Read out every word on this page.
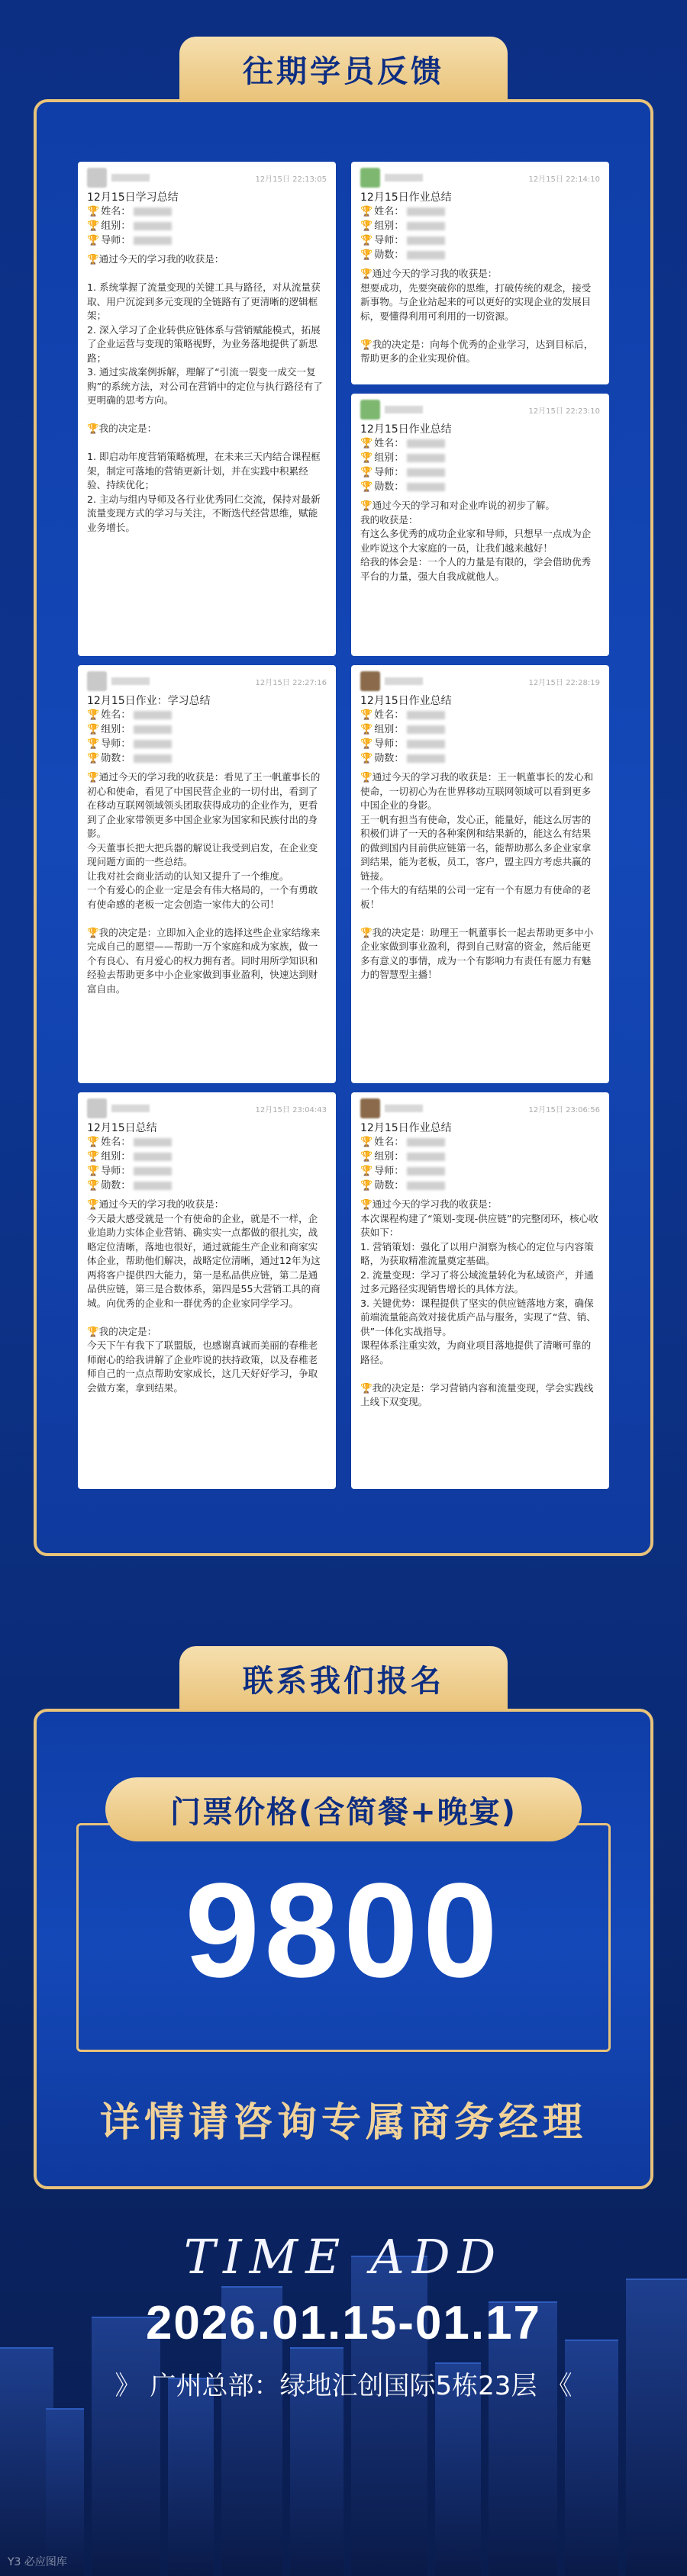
往期学员反馈
12月15日 22:13:05
12月15日学习总结
🏆 姓名：
🏆 组别：
🏆 导师：
🏆通过今天的学习我的收获是：

1. 系统掌握了流量变现的关键工具与路径，对从流量获取、用户沉淀到多元变现的全链路有了更清晰的逻辑框架；
2. 深入学习了企业转供应链体系与营销赋能模式，拓展了企业运营与变现的策略视野，为业务落地提供了新思路；
3. 通过实战案例拆解，理解了“引流一裂变一成交一复购”的系统方法，对公司在营销中的定位与执行路径有了更明确的思考方向。

🏆我的决定是：

1. 即启动年度营销策略梳理，在未来三天内结合课程框架，制定可落地的营销更新计划，并在实践中积累经验、持续优化；
2. 主动与组内导师及各行业优秀同仁交流，保持对最新流量变现方式的学习与关注，不断迭代经营思维，赋能业务增长。
12月15日 22:14:10
12月15日作业总结
🏆 姓名：
🏆 组别：
🏆 导师：
🏆 勋数：
🏆通过今天的学习我的收获是：
想要成功，先要突破你的思维，打破传统的观念，接受新事物。与企业站起来的可以更好的实现企业的发展目标，要懂得利用可利用的一切资源。

🏆我的决定是：向每个优秀的企业学习，达到目标后，帮助更多的企业实现价值。
12月15日 22:23:10
12月15日作业总结
🏆 姓名：
🏆 组别：
🏆 导师：
🏆 勋数：
🏆通过今天的学习和对企业咋说的初步了解。
我的收获是：
有这么多优秀的成功企业家和导师，只想早一点成为企业咋说这个大家庭的一员，让我们越来越好！
给我的体会是：一个人的力量是有限的，学会借助优秀平台的力量，强大自我成就他人。
12月15日 22:27:16
12月15日作业：学习总结
🏆 姓名：
🏆 组别：
🏆 导师：
🏆 勋数：
🏆通过今天的学习我的收获是：看见了王一帆董事长的初心和使命，看见了中国民营企业的一切付出，看到了在移动互联网领域领头团取获得成功的企业作为，更看到了企业家带领更多中国企业家为国家和民族付出的身影。
今天董事长把大把兵器的解说让我受到启发，在企业变现问题方面的一些总结。
让我对社会商业活动的认知又提升了一个维度。
一个有爱心的企业一定是会有伟大格局的，一个有勇敢有使命感的老板一定会创造一家伟大的公司！

🏆我的决定是：立即加入企业的选择这些企业家结缘来完成自己的愿望——帮助一万个家庭和成为家族，做一个有良心、有月爱心的权力拥有者。同时用所学知识和经验去帮助更多中小企业家做到事业盈利，快速达到财富自由。
12月15日 22:28:19
12月15日作业总结
🏆 姓名：
🏆 组别：
🏆 导师：
🏆 勋数：
🏆通过今天的学习我的收获是：王一帆董事长的发心和使命，一切初心为在世界移动互联网领域可以看到更多中国企业的身影。
王一帆有担当有使命，发心正，能量好，能这么厉害的积极们讲了一天的各种案例和结果新的，能这么有结果的做到国内目前供应链第一名，能帮助那么多企业家拿到结果，能为老板，员工，客户，盟主四方考虑共赢的链接。
一个伟大的有结果的公司一定有一个有愿力有使命的老板！

🏆我的决定是：助理王一帆董事长一起去帮助更多中小企业家做到事业盈利，得到自己财富的资金，然后能更多有意义的事情，成为一个有影响力有责任有愿力有魅力的智慧型主播！
12月15日 23:04:43
12月15日总结
🏆 姓名：
🏆 组别：
🏆 导师：
🏆 勋数：
🏆通过今天的学习我的收获是：
今天最大感受就是一个有使命的企业，就是不一样，企业追助力实体企业营销、确实实一点都做的很扎实，战略定位清晰，落地也很好，通过就能生产企业和商家实体企业，帮助他们解决，战略定位清晰，通过12年为这两将客户提供四大能力，第一是私品供应链，第二是通品供应链，第三是合数体系，第四是55大营销工具的商城。向优秀的企业和一群优秀的企业家同学学习。

🏆我的决定是：
今天下午有我下了联盟版，也感谢真诚而美丽的春稚老师耐心的给我讲解了企业咋说的扶持政策，以及春稚老师自己的一点点帮助安家成长，这几天好好学习，争取会做方案，拿到结果。
12月15日 23:06:56
12月15日作业总结
🏆 姓名：
🏆 组别：
🏆 导师：
🏆 勋数：
🏆通过今天的学习我的收获是：
本次课程构建了“策划-变现-供应链”的完整闭环，核心收获如下：
1. 营销策划：强化了以用户洞察为核心的定位与内容策略，为获取精准流量奠定基础。
2. 流量变现：学习了将公域流量转化为私域资产，并通过多元路径实现销售增长的具体方法。
3. 关键优势：课程提供了坚实的供应链落地方案，确保前端流量能高效对接优质产品与服务，实现了“营、销、供”一体化实战指导。
课程体系注重实效，为商业项目落地提供了清晰可靠的路径。

🏆我的决定是：学习营销内容和流量变现，学会实践线上线下双变现。
联系我们报名
门票价格(含简餐+晚宴)
9800
详情请咨询专属商务经理
TIME ADD
2026.01.15-01.17
》 广州总部：绿地汇创国际5栋23层 《
Y3 必应图库
